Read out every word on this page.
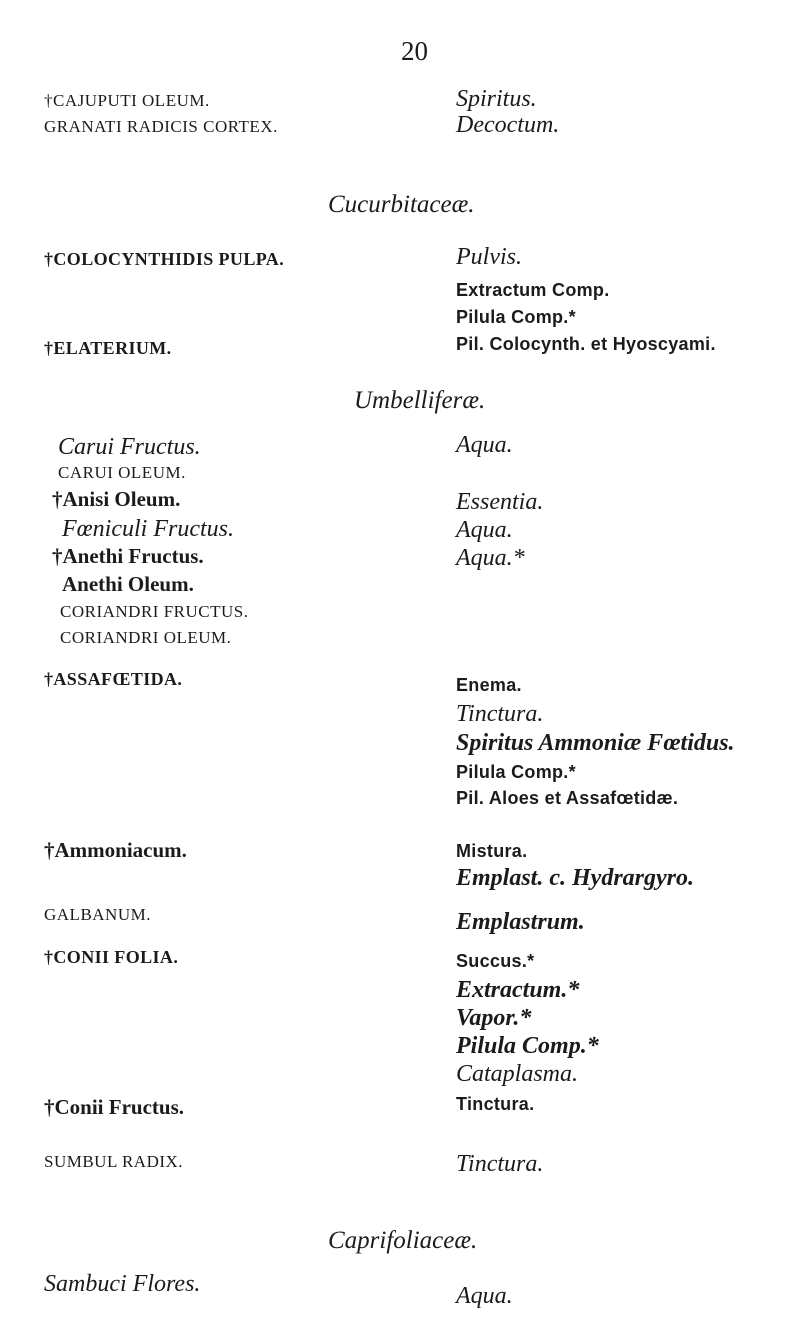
20
†CAJUPUTI OLEUM.
GRANATI RADICIS CORTEX.
Spiritus.
Decoctum.
Cucurbitaceæ.
†COLOCYNTHIDIS PULPA.
†ELATERIUM.
Pulvis.
Extractum Comp.
Pilula Comp.*
Pil. Colocynth. et Hyoscyami.
Umbelliferæ.
Carui Fructus.
CARUI OLEUM.
†Anisi Oleum.
Fœniculi Fructus.
†Anethi Fructus.
Anethi Oleum.
CORIANDRI FRUCTUS.
CORIANDRI OLEUM.
†ASSAFŒTIDA.
†Ammoniacum.
GALBANUM.
†CONII FOLIA.
†Conii Fructus.
SUMBUL RADIX.
Aqua.
Essentia.
Aqua.
Aqua.*
Enema.
Tinctura.
Spiritus Ammoniæ Fœtidus.
Pilula Comp.*
Pil. Aloes et Assafœtidæ.
Mistura.
Emplast. c. Hydrargyro.
Emplastrum.
Succus.*
Extractum.*
Vapor.*
Pilula Comp.*
Cataplasma.
Tinctura.
Tinctura.
Caprifoliaceæ.
Sambuci Flores.	Aqua.
